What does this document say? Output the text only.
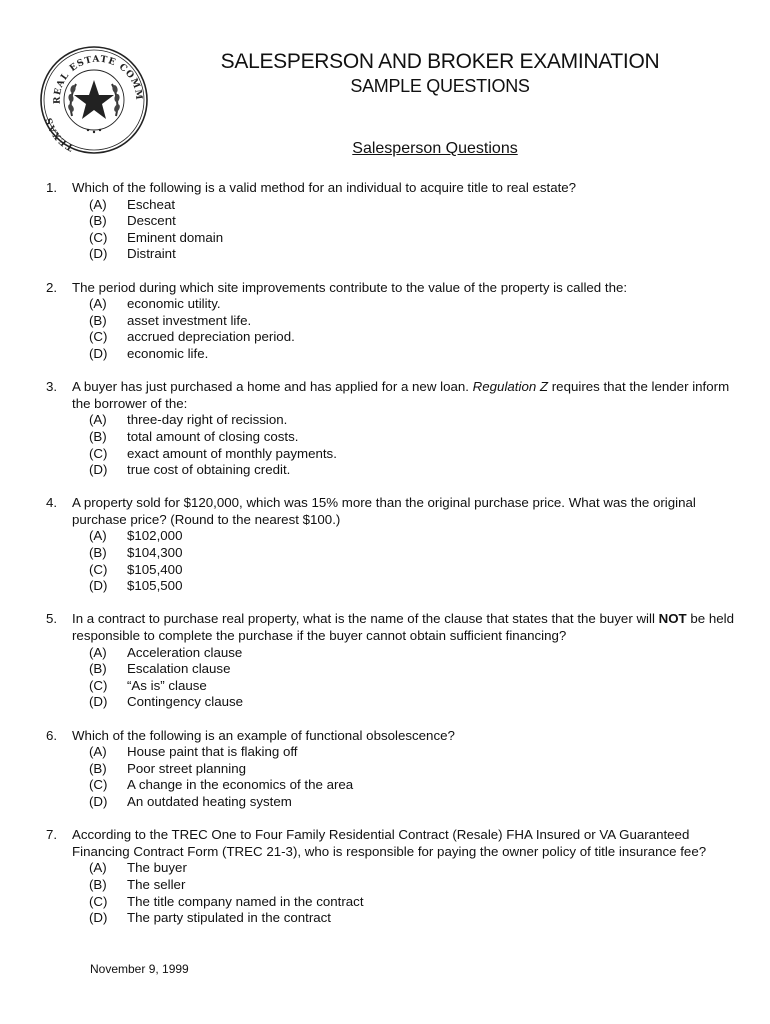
REAL ESTATE COMM
TEXAS
SALESPERSON AND BROKER EXAMINATION
SAMPLE QUESTIONS
Salesperson Questions
1. Which of the following is a valid method for an individual to acquire title to real estate?
(A) Escheat
(B) Descent
(C) Eminent domain
(D) Distraint
2. The period during which site improvements contribute to the value of the property is called the:
(A) economic utility.
(B) asset investment life.
(C) accrued depreciation period.
(D) economic life.
3. A buyer has just purchased a home and has applied for a new loan. Regulation Z requires that the lender inform the borrower of the:
(A) three-day right of recission.
(B) total amount of closing costs.
(C) exact amount of monthly payments.
(D) true cost of obtaining credit.
4. A property sold for $120,000, which was 15% more than the original purchase price. What was the original purchase price? (Round to the nearest $100.)
(A) $102,000
(B) $104,300
(C) $105,400
(D) $105,500
5. In a contract to purchase real property, what is the name of the clause that states that the buyer will NOT be held responsible to complete the purchase if the buyer cannot obtain sufficient financing?
(A) Acceleration clause
(B) Escalation clause
(C) “As is” clause
(D) Contingency clause
6. Which of the following is an example of functional obsolescence?
(A) House paint that is flaking off
(B) Poor street planning
(C) A change in the economics of the area
(D) An outdated heating system
7. According to the TREC One to Four Family Residential Contract (Resale) FHA Insured or VA Guaranteed Financing Contract Form (TREC 21-3), who is responsible for paying the owner policy of title insurance fee?
(A) The buyer
(B) The seller
(C) The title company named in the contract
(D) The party stipulated in the contract
November 9, 1999
